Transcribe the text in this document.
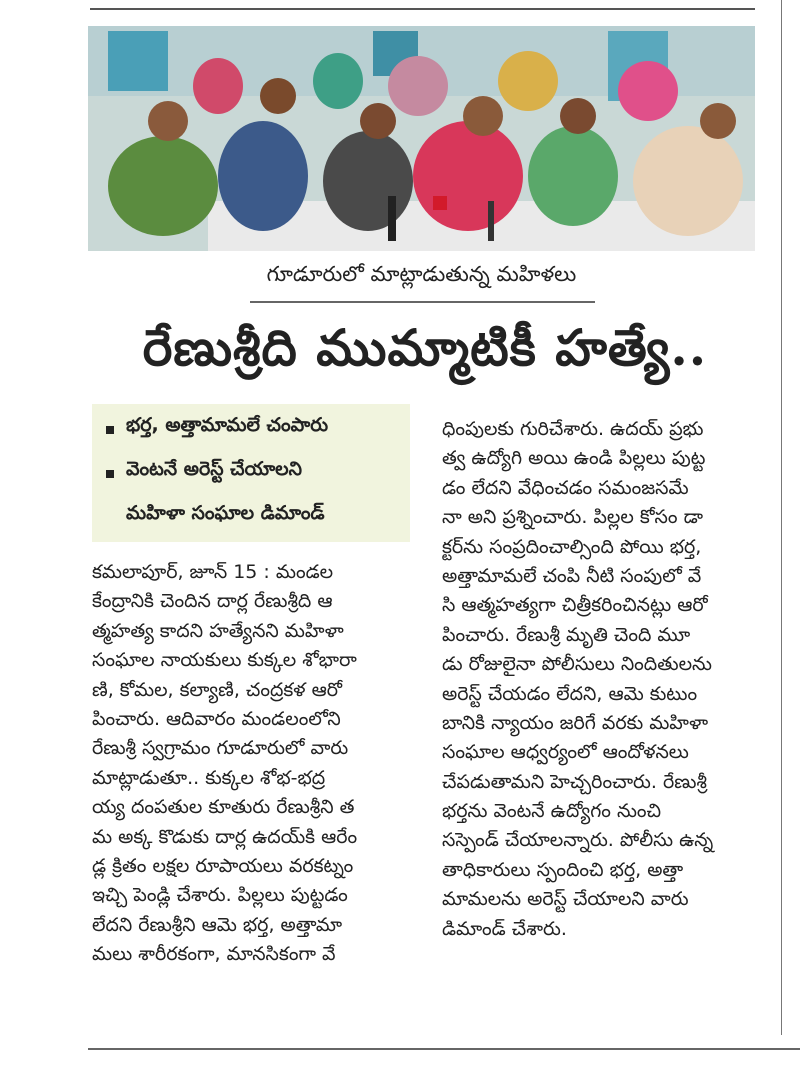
గూడూరులో మాట్లాడుతున్న మహిళలు
రేణుశ్రీది ముమ్మాటికీ హత్యే..
భర్త, అత్తామామలే చంపారు
వెంటనే అరెస్ట్ చేయాలని
మహిళా సంఘాల డిమాండ్
కమలాపూర్, జూన్ 15 : మండల
కేంద్రానికి చెందిన దార్ల రేణుశ్రీది ఆ
త్మహత్య కాదని హత్యేనని మహిళా
సంఘాల నాయకులు కుక్కల శోభారా
ణి, కోమల, కల్యాణి, చంద్రకళ ఆరో
పించారు. ఆదివారం మండలంలోని
రేణుశ్రీ స్వగ్రామం గూడూరులో వారు
మాట్లాడుతూ.. కుక్కల శోభ-భద్ర
య్య దంపతుల కూతురు రేణుశ్రీని త
మ అక్క కొడుకు దార్ల ఉదయ్‌కి ఆరేం
డ్ల క్రితం లక్షల రూపాయలు వరకట్నం
ఇచ్చి పెండ్లి చేశారు. పిల్లలు పుట్టడం
లేదని రేణుశ్రీని ఆమె భర్త, అత్తామా
మలు శారీరకంగా, మానసికంగా వే
ధింపులకు గురిచేశారు. ఉదయ్ ప్రభు
త్వ ఉద్యోగి అయి ఉండి పిల్లలు పుట్ట
డం లేదని వేధించడం సమంజసమే
నా అని ప్రశ్నించారు. పిల్లల కోసం డా
క్టర్‌ను సంప్రదించాల్సింది పోయి భర్త,
అత్తామామలే చంపి నీటి సంపులో వే
సి ఆత్మహత్యగా చిత్రీకరించినట్లు ఆరో
పించారు. రేణుశ్రీ మృతి చెంది మూ
డు రోజులైనా పోలీసులు నిందితులను
అరెస్ట్ చేయడం లేదని, ఆమె కుటుం
బానికి న్యాయం జరిగే వరకు మహిళా
సంఘాల ఆధ్వర్యంలో ఆందోళనలు
చేపడుతామని హెచ్చరించారు. రేణుశ్రీ
భర్తను వెంటనే ఉద్యోగం నుంచి
సస్పెండ్ చేయాలన్నారు. పోలీసు ఉన్న
తాధికారులు స్పందించి భర్త, అత్తా
మామలను అరెస్ట్ చేయాలని వారు
డిమాండ్ చేశారు.
